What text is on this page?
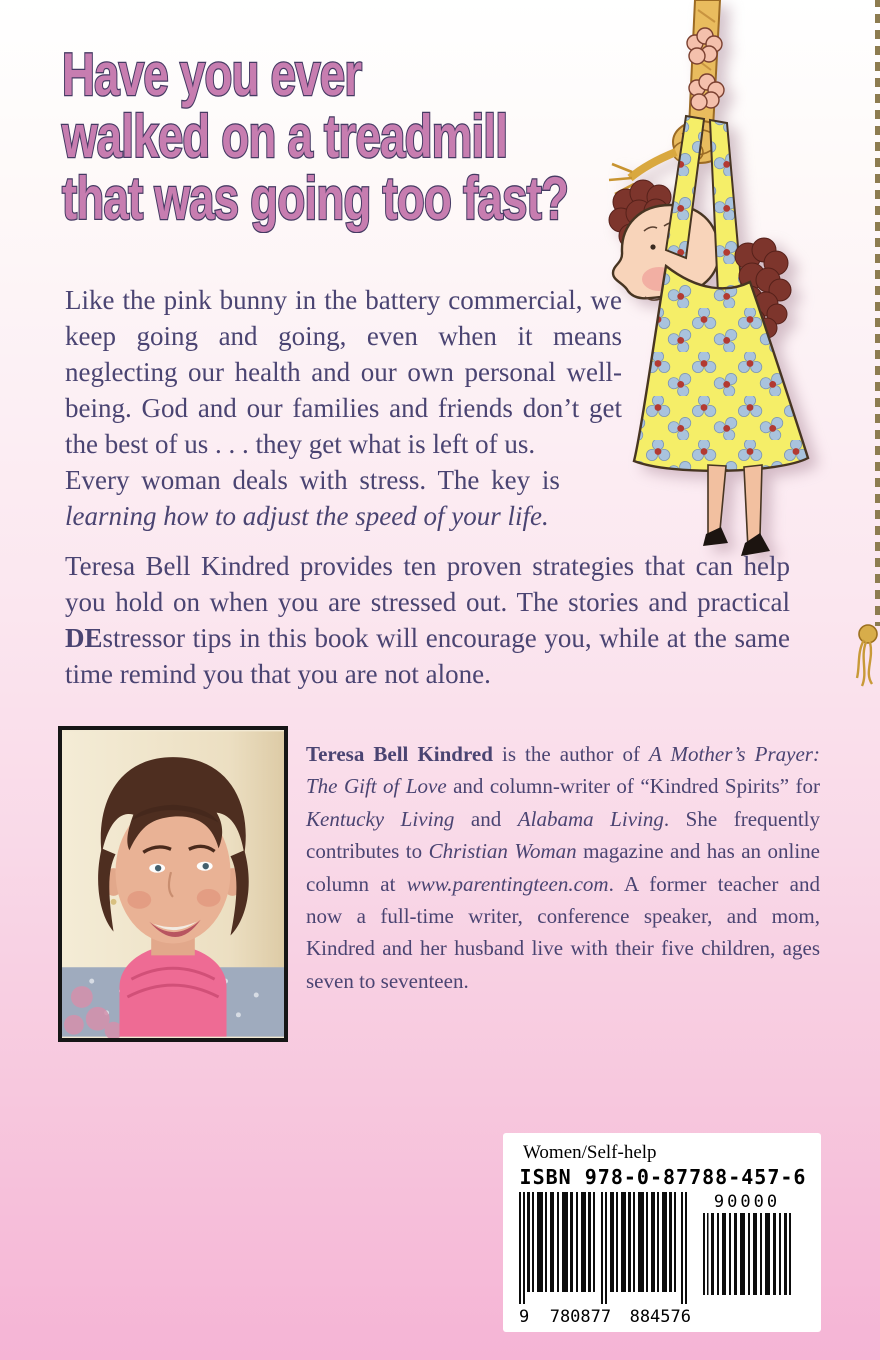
Have you ever
walked on a treadmill
that was going too fast?

Like the pink bunny in the battery commercial, we keep going and going, even when it means neglecting our health and our own personal well-being. God and our families and friends don’t get the best of us . . . they get what is left of us.

Every woman deals with stress. The key is
learning how to adjust the speed of your life.

Teresa Bell Kindred provides ten proven strategies that can help you hold on when you are stressed out. The stories and practical DEstressor tips in this book will encourage you, while at the same time remind you that you are not alone.

Teresa Bell Kindred is the author of A Mother’s Prayer: The Gift of Love and column-writer of “Kindred Spirits” for Kentucky Living and Alabama Living. She frequently contributes to Christian Woman magazine and has an online column at www.parentingteen.com. A former teacher and now a full-time writer, conference speaker, and mom, Kindred and her husband live with their five children, ages seven to seventeen.

Women/Self-help
ISBN 978-0-87788-457-6
9 780877 884576
90000
